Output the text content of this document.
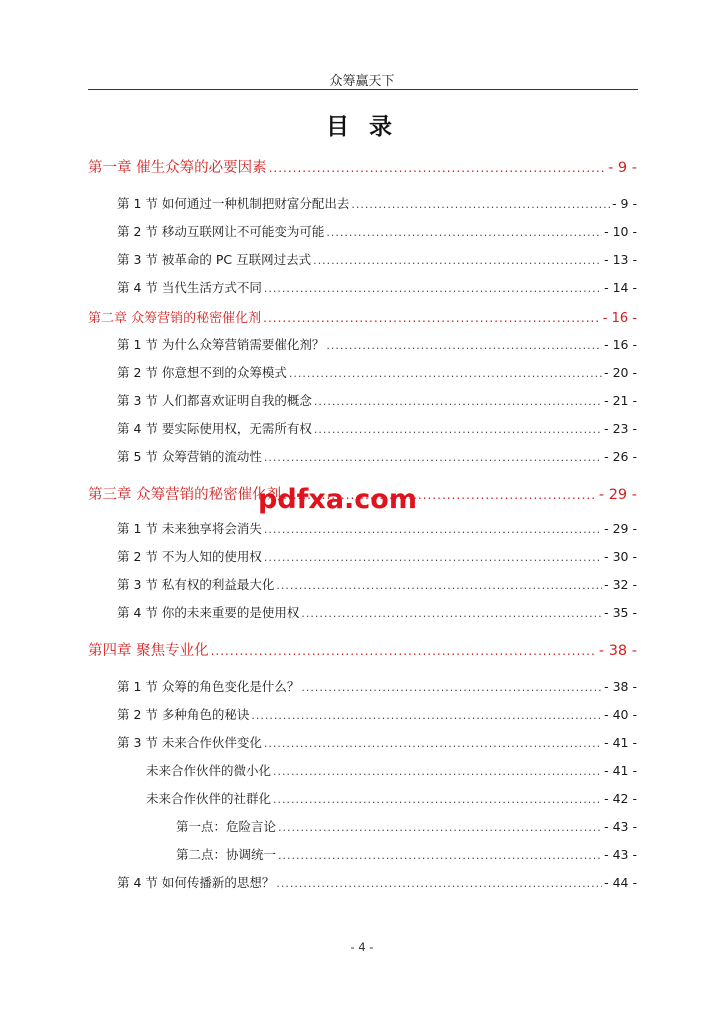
众筹赢天下
目 录
第一章 催生众筹的必要因素 .....	- 9 -
第 1 节 如何通过一种机制把财富分配出去 .....	- 9 -
第 2 节 移动互联网让不可能变为可能 .....	- 10 -
第 3 节 被革命的 PC 互联网过去式 .....	- 13 -
第 4 节 当代生活方式不同 .....	- 14 -
第二章 众筹营销的秘密催化剂 .....	- 16 -
第 1 节 为什么众筹营销需要催化剂？ .....	- 16 -
第 2 节 你意想不到的众筹模式 .....	- 20 -
第 3 节 人们都喜欢证明自我的概念 .....	- 21 -
第 4 节 要实际使用权，无需所有权 .....	- 23 -
第 5 节 众筹营销的流动性 .....	- 26 -
第三章 众筹营销的秘密催化剂 .....	- 29 -
第 1 节 未来独享将会消失 .....	- 29 -
第 2 节 不为人知的使用权 .....	- 30 -
第 3 节 私有权的利益最大化 .....	- 32 -
第 4 节 你的未来重要的是使用权 .....	- 35 -
第四章 聚焦专业化 .....	- 38 -
第 1 节 众筹的角色变化是什么？ .....	- 38 -
第 2 节 多种角色的秘诀 .....	- 40 -
第 3 节 未来合作伙伴变化 .....	- 41 -
未来合作伙伴的微小化 .....	- 41 -
未来合作伙伴的社群化 .....	- 42 -
第一点：危险言论 .....	- 43 -
第二点：协调统一 .....	- 43 -
第 4 节 如何传播新的思想？ .....	- 44 -
pdfxa.com
- 4 -
